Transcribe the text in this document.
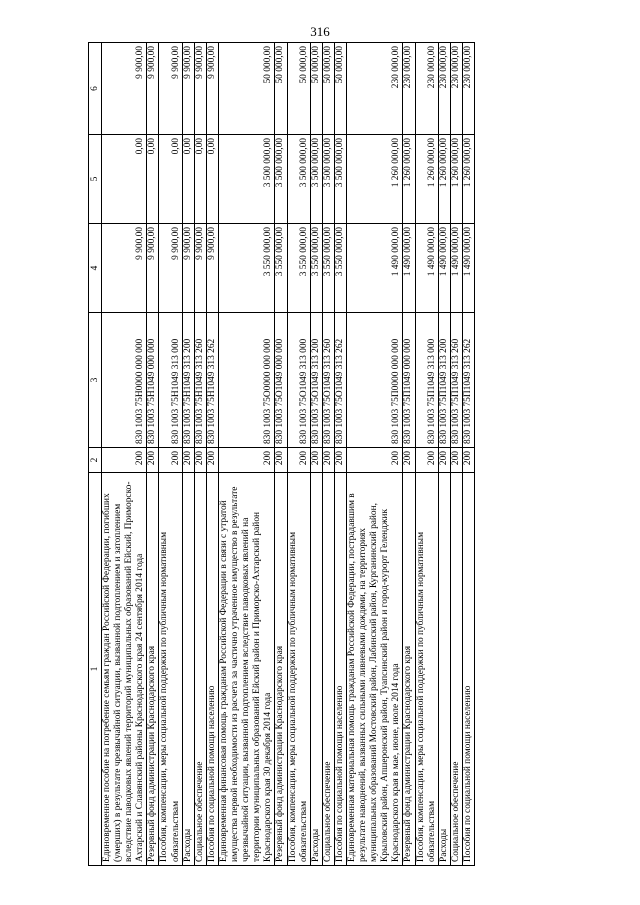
316
1	2	3	4	5	6
Единовременное пособие на погребение семьям граждан Российской Федерации, погибших (умерших) в результате чрезвычайной ситуации, вызванной подтоплением и затоплением вследствие паводковых явлений территорий муниципальных образований Ейский, Приморско-Ахтарский и Славянский районы Краснодарского края 24 сентября 2014 года	200	830 1003 75Н0000 000 000	9 900,00	0,00	9 900,00
Резервный фонд администрации Краснодарского края	200	830 1003 75Н1049 000 000	9 900,00	0,00	9 900,00
Пособия, компенсации, меры социальной поддержки по публичным нормативным обязательствам	200	830 1003 75Н1049 313 000	9 900,00	0,00	9 900,00
Расходы	200	830 1003 75Н1049 313 200	9 900,00	0,00	9 900,00
Социальное обеспечение	200	830 1003 75Н1049 313 260	9 900,00	0,00	9 900,00
Пособия по социальной помощи населению	200	830 1003 75Н1049 313 262	9 900,00	0,00	9 900,00
Единовременная финансовая помощь гражданам Российской Федерации в связи с утратой имущества первой необходимости из расчета за частично утраченное имущество в результате чрезвычайной ситуации, вызванной подтоплением вследствие паводковых явлений на территории муниципальных образований Ейский район и Приморско-Ахтарский район Краснодарского края 30 декабря 2014 года	200	830 1003 75О0000 000 000	3 550 000,00	3 500 000,00	50 000,00
Резервный фонд администрации Краснодарского края	200	830 1003 75О1049 000 000	3 550 000,00	3 500 000,00	50 000,00
Пособия, компенсации, меры социальной поддержки по публичным нормативным обязательствам	200	830 1003 75О1049 313 000	3 550 000,00	3 500 000,00	50 000,00
Расходы	200	830 1003 75О1049 313 200	3 550 000,00	3 500 000,00	50 000,00
Социальное обеспечение	200	830 1003 75О1049 313 260	3 550 000,00	3 500 000,00	50 000,00
Пособия по социальной помощи населению	200	830 1003 75О1049 313 262	3 550 000,00	3 500 000,00	50 000,00
Единовременная материальная помощь гражданам Российской Федерации, пострадавшим в результате наводнений, вызванных сильными ливневыми дождями, на территориях муниципальных образований Мостовский район, Лабинский район, Курганинский район, Крыловский район, Апшеронский район, Туапсинский район и город-курорт Геленджик Краснодарского края в мае, июне, июле 2014 года	200	830 1003 75П0000 000 000	1 490 000,00	1 260 000,00	230 000,00
Резервный фонд администрации Краснодарского края	200	830 1003 75П1049 000 000	1 490 000,00	1 260 000,00	230 000,00
Пособия, компенсации, меры социальной поддержки по публичным нормативным обязательствам	200	830 1003 75П1049 313 000	1 490 000,00	1 260 000,00	230 000,00
Расходы	200	830 1003 75П1049 313 200	1 490 000,00	1 260 000,00	230 000,00
Социальное обеспечение	200	830 1003 75П1049 313 260	1 490 000,00	1 260 000,00	230 000,00
Пособия по социальной помощи населению	200	830 1003 75П1049 313 262	1 490 000,00	1 260 000,00	230 000,00
